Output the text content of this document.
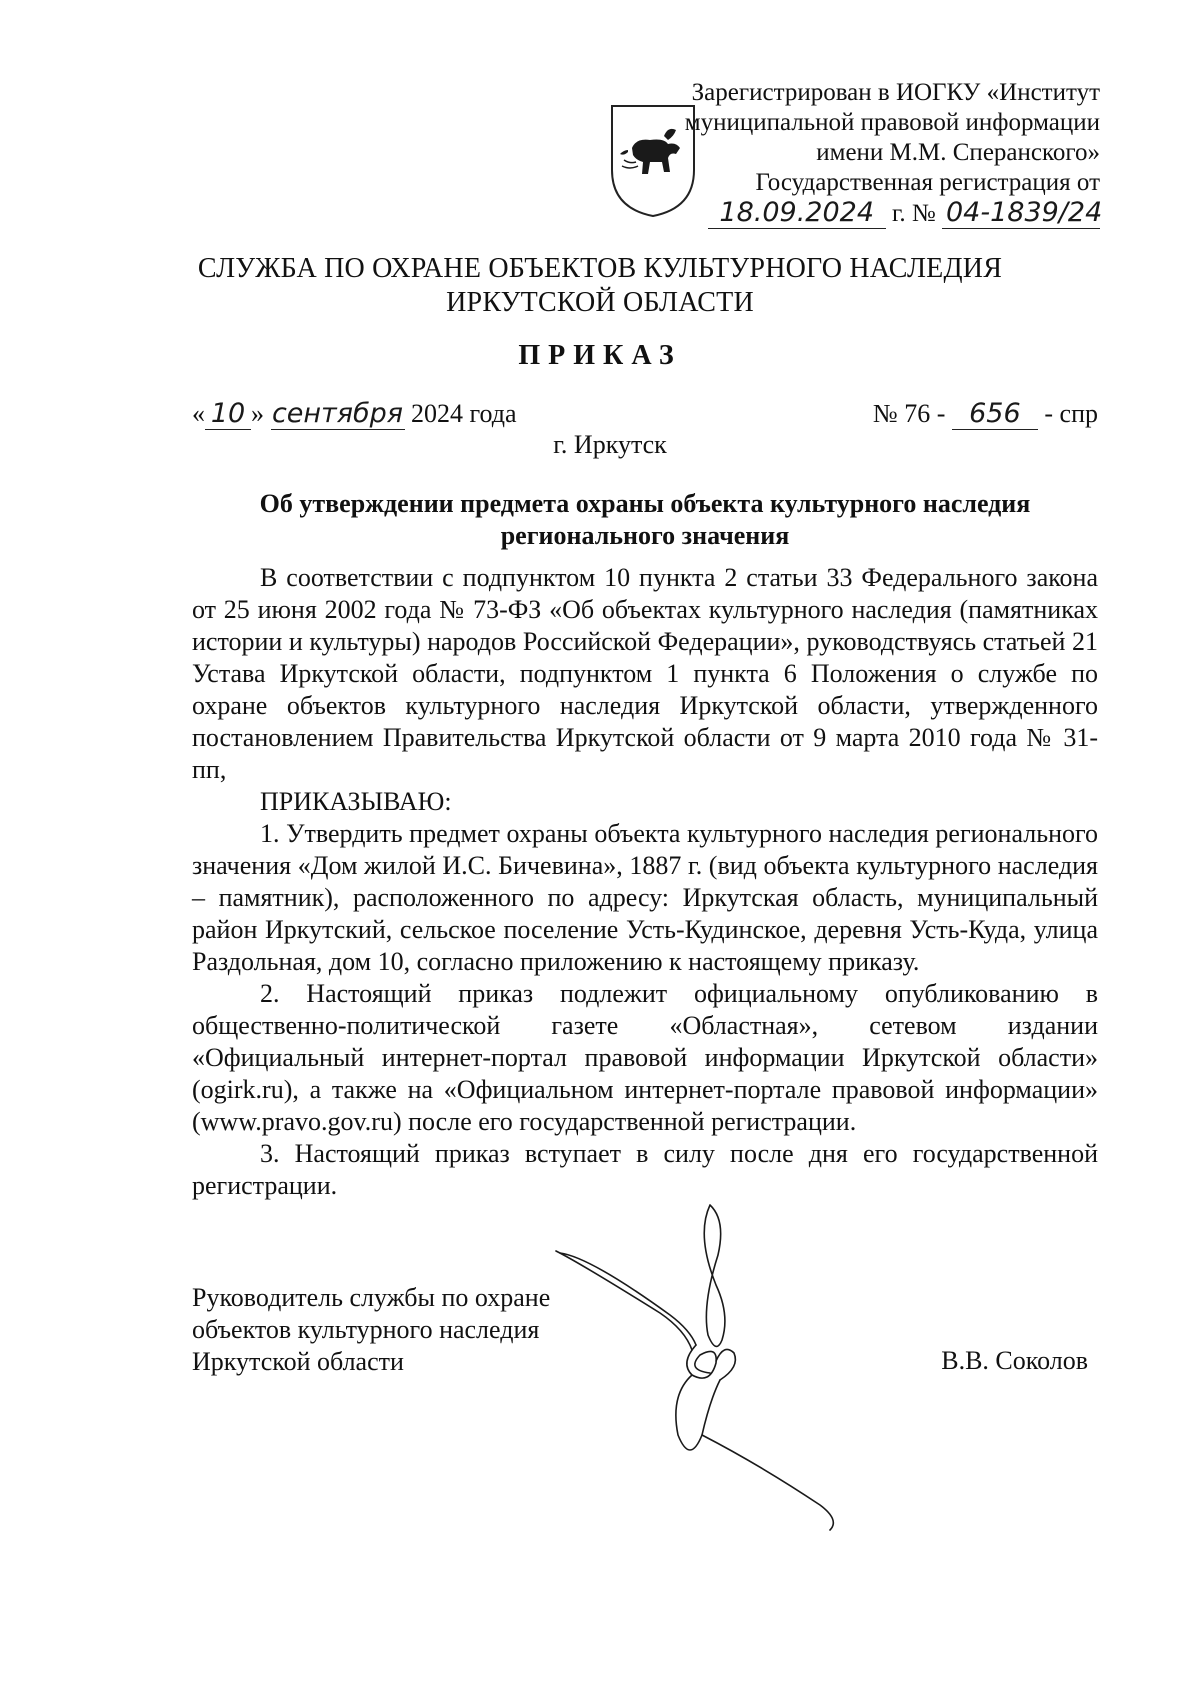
Зарегистрирован в ИОГКУ «Институт
муниципальной правовой информации
имени М.М. Сперанского»
Государственная регистрация от
18.09.2024 г. № 04-1839/24
СЛУЖБА ПО ОХРАНЕ ОБЪЕКТОВ КУЛЬТУРНОГО НАСЛЕДИЯ
ИРКУТСКОЙ ОБЛАСТИ
ПРИКАЗ
« 10 » сентября 2024 года	№ 76 - 656 - спр
г. Иркутск
Об утверждении предмета охраны объекта культурного наследия
регионального значения

В соответствии с подпунктом 10 пункта 2 статьи 33 Федерального закона от 25 июня 2002 года № 73-ФЗ «Об объектах культурного наследия (памятниках истории и культуры) народов Российской Федерации», руководствуясь статьей 21 Устава Иркутской области, подпунктом 1 пункта 6 Положения о службе по охране объектов культурного наследия Иркутской области, утвержденного постановлением Правительства Иркутской области от 9 марта 2010 года № 31-пп,

ПРИКАЗЫВАЮ:

1. Утвердить предмет охраны объекта культурного наследия регионального значения «Дом жилой И.С. Бичевина», 1887 г. (вид объекта культурного наследия – памятник), расположенного по адресу: Иркутская область, муниципальный район Иркутский, сельское поселение Усть-Кудинское, деревня Усть-Куда, улица Раздольная, дом 10, согласно приложению к настоящему приказу.

2. Настоящий приказ подлежит официальному опубликованию в общественно-политической газете «Областная», сетевом издании «Официальный интернет-портал правовой информации Иркутской области» (ogirk.ru), а также на «Официальном интернет-портале правовой информации» (www.pravo.gov.ru) после его государственной регистрации.

3. Настоящий приказ вступает в силу после дня его государственной регистрации.

Руководитель службы по охране
объектов культурного наследия
Иркутской области	В.В. Соколов
